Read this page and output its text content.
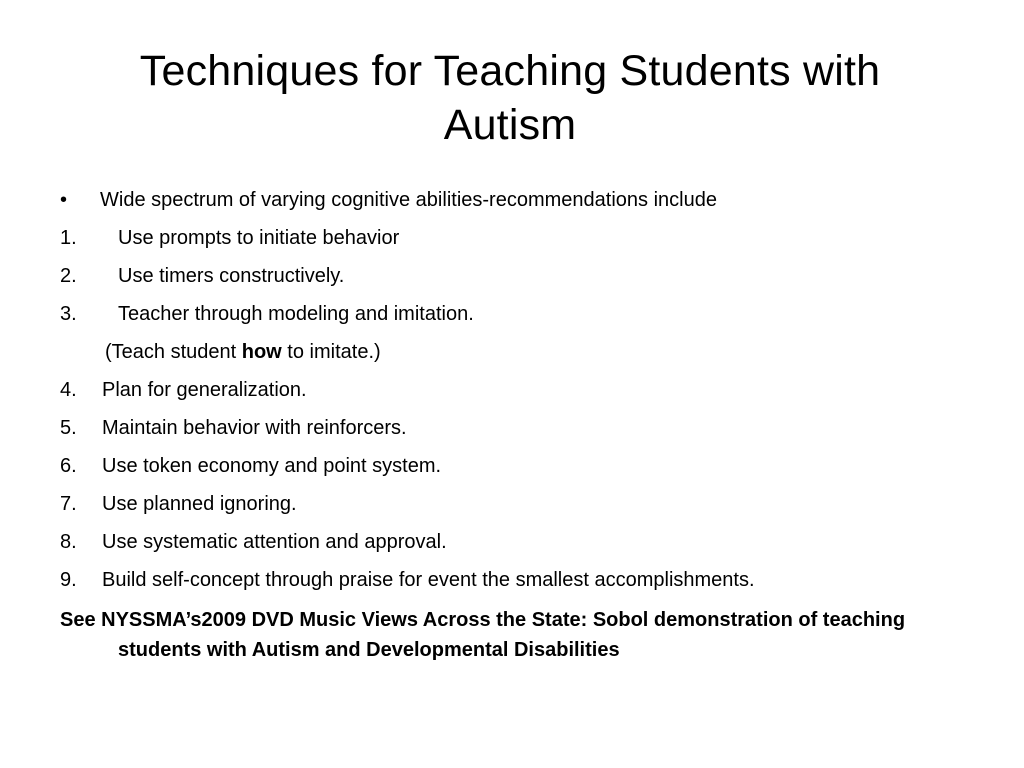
Techniques for Teaching Students with
Autism
• Wide spectrum of varying cognitive abilities-recommendations include
1. Use prompts to initiate behavior
2. Use timers constructively.
3. Teacher through modeling and imitation.
(Teach student how to imitate.)
4. Plan for generalization.
5. Maintain behavior with reinforcers.
6. Use token economy and point system.
7. Use planned ignoring.
8. Use systematic attention and approval.
9. Build self-concept through praise for event the smallest accomplishments.
See NYSSMA’s2009 DVD Music Views Across the State: Sobol demonstration of teaching
students with Autism and Developmental Disabilities
